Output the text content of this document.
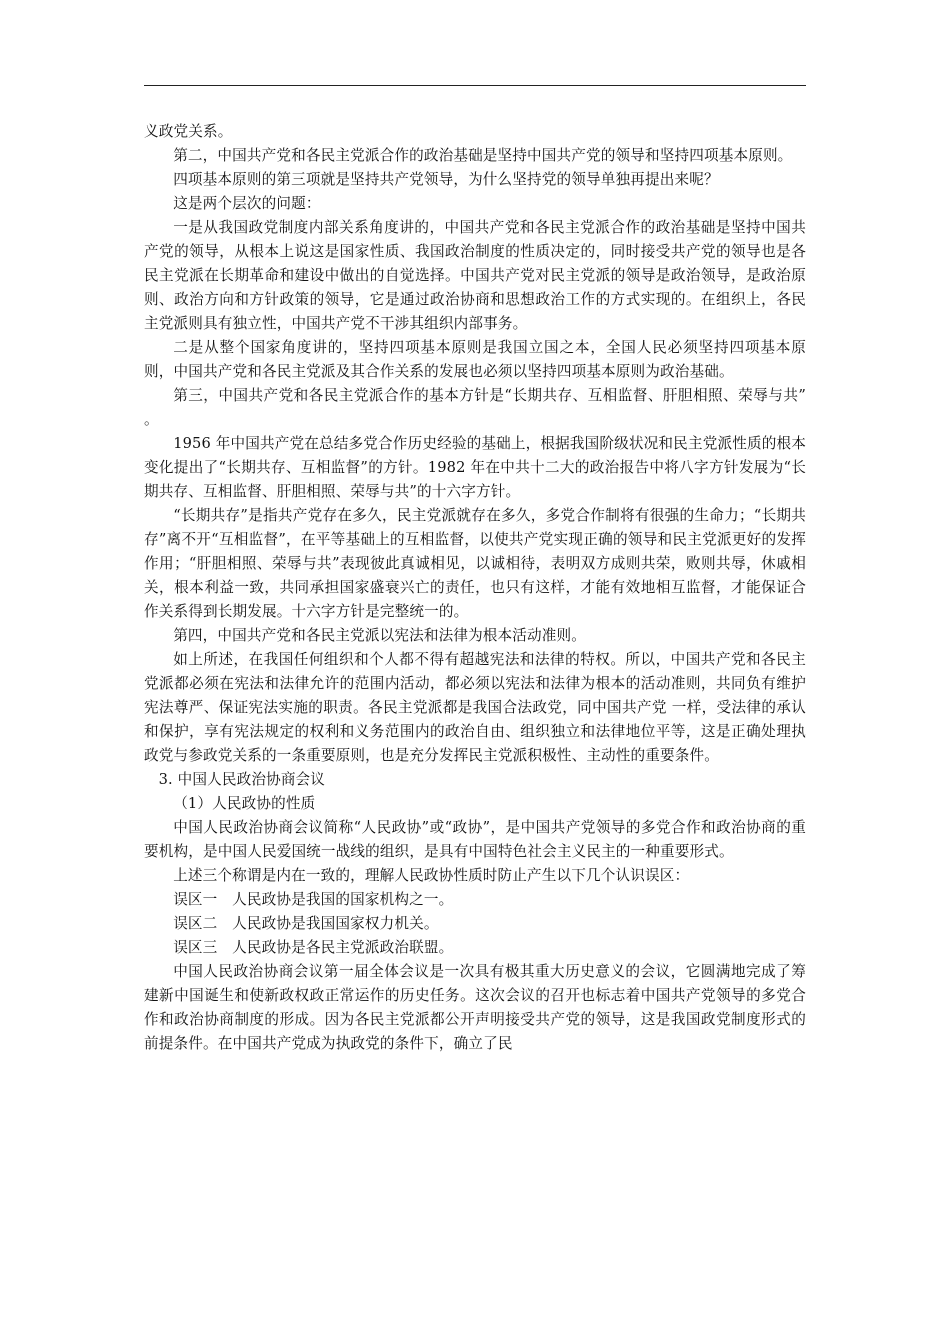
义政党关系。

第二，中国共产党和各民主党派合作的政治基础是坚持中国共产党的领导和坚持四项基本原则。

四项基本原则的第三项就是坚持共产党领导，为什么坚持党的领导单独再提出来呢？

这是两个层次的问题：

一是从我国政党制度内部关系角度讲的，中国共产党和各民主党派合作的政治基础是坚持中国共产党的领导，从根本上说这是国家性质、我国政治制度的性质决定的，同时接受共产党的领导也是各民主党派在长期革命和建设中做出的自觉选择。中国共产党对民主党派的领导是政治领导，是政治原则、政治方向和方针政策的领导，它是通过政治协商和思想政治工作的方式实现的。在组织上，各民主党派则具有独立性，中国共产党不干涉其组织内部事务。

二是从整个国家角度讲的，坚持四项基本原则是我国立国之本，全国人民必须坚持四项基本原则，中国共产党和各民主党派及其合作关系的发展也必须以坚持四项基本原则为政治基础。

第三，中国共产党和各民主党派合作的基本方针是“长期共存、互相监督、肝胆相照、荣辱与共” 。

1956 年中国共产党在总结多党合作历史经验的基础上，根据我国阶级状况和民主党派性质的根本变化提出了“长期共存、互相监督”的方针。1982 年在中共十二大的政治报告中将八字方针发展为“长期共存、互相监督、肝胆相照、荣辱与共”的十六字方针。

“长期共存”是指共产党存在多久，民主党派就存在多久，多党合作制将有很强的生命力；“长期共存”离不开“互相监督”，在平等基础上的互相监督，以使共产党实现正确的领导和民主党派更好的发挥作用；“肝胆相照、荣辱与共”表现彼此真诚相见，以诚相待，表明双方成则共荣，败则共辱，休戚相关，根本利益一致，共同承担国家盛衰兴亡的责任，也只有这样，才能有效地相互监督，才能保证合作关系得到长期发展。十六字方针是完整统一的。

第四，中国共产党和各民主党派以宪法和法律为根本活动准则。

如上所述，在我国任何组织和个人都不得有超越宪法和法律的特权。所以，中国共产党和各民主党派都必须在宪法和法律允许的范围内活动，都必须以宪法和法律为根本的活动准则，共同负有维护宪法尊严、保证宪法实施的职责。各民主党派都是我国合法政党，同中国共产党 一样，受法律的承认和保护，享有宪法规定的权利和义务范围内的政治自由、组织独立和法律地位平等，这是正确处理执政党与参政党关系的一条重要原则，也是充分发挥民主党派积极性、主动性的重要条件。

3. 中国人民政治协商会议

（1）人民政协的性质

中国人民政治协商会议简称“人民政协”或“政协”，是中国共产党领导的多党合作和政治协商的重要机构，是中国人民爱国统一战线的组织，是具有中国特色社会主义民主的一种重要形式。

上述三个称谓是内在一致的，理解人民政协性质时防止产生以下几个认识误区：

误区一　人民政协是我国的国家机构之一。

误区二　人民政协是我国国家权力机关。

误区三　人民政协是各民主党派政治联盟。

中国人民政治协商会议第一届全体会议是一次具有极其重大历史意义的会议，它圆满地完成了筹建新中国诞生和使新政权政正常运作的历史任务。这次会议的召开也标志着中国共产党领导的多党合作和政治协商制度的形成。因为各民主党派都公开声明接受共产党的领导，这是我国政党制度形式的前提条件。在中国共产党成为执政党的条件下，确立了民
